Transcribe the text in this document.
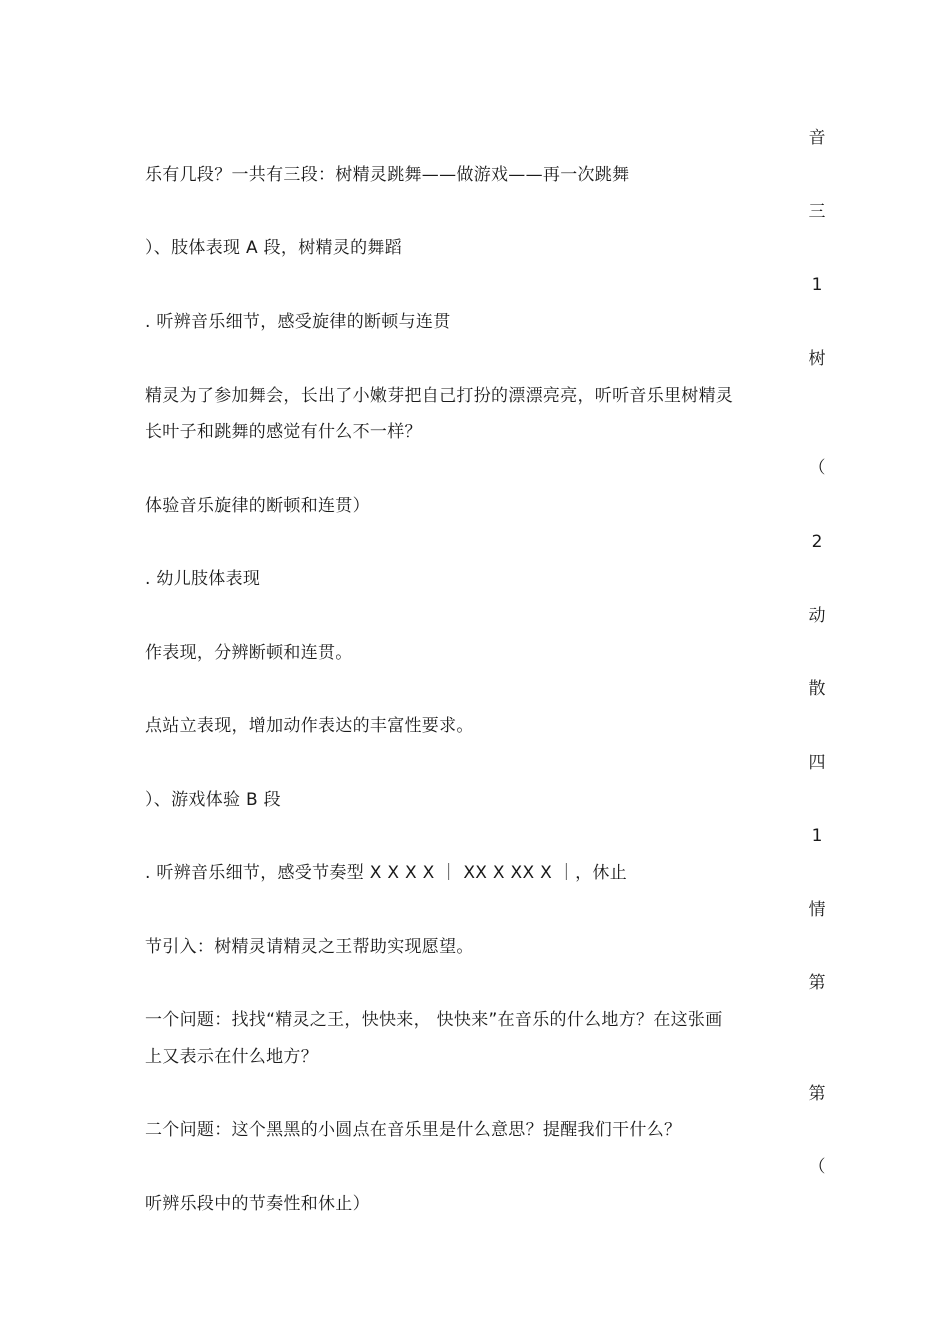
音
三
1
树
（
2
动
散
四
1
情
第
第
（
乐有几段？一共有三段：树精灵跳舞——做游戏——再一次跳舞
）、肢体表现 A 段，树精灵的舞蹈
. 听辨音乐细节，感受旋律的断顿与连贯
精灵为了参加舞会，长出了小嫩芽把自己打扮的漂漂亮亮，听听音乐里树精灵
长叶子和跳舞的感觉有什么不一样？
体验音乐旋律的断顿和连贯）
. 幼儿肢体表现
作表现，分辨断顿和连贯。
点站立表现，增加动作表达的丰富性要求。
）、游戏体验 B 段
. 听辨音乐细节，感受节奏型 X X X X ｜ XX X XX X ｜，休止
节引入：树精灵请精灵之王帮助实现愿望。
一个问题：找找“精灵之王，快快来， 快快来”在音乐的什么地方？在这张画
上又表示在什么地方？
二个问题：这个黑黑的小圆点在音乐里是什么意思？提醒我们干什么？
听辨乐段中的节奏性和休止）
